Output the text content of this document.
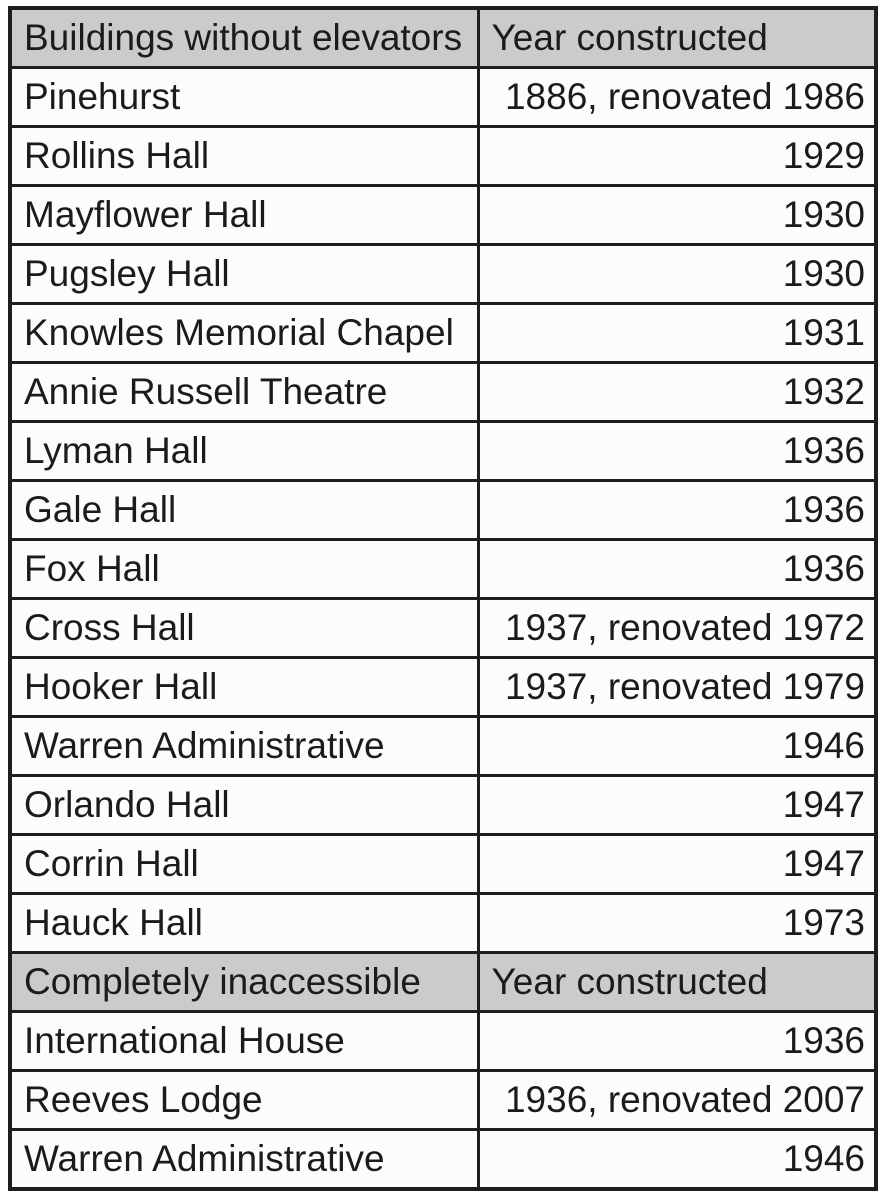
Buildings without elevators	Year constructed
Pinehurst	1886, renovated 1986
Rollins Hall	1929
Mayflower Hall	1930
Pugsley Hall	1930
Knowles Memorial Chapel	1931
Annie Russell Theatre	1932
Lyman Hall	1936
Gale Hall	1936
Fox Hall	1936
Cross Hall	1937, renovated 1972
Hooker Hall	1937, renovated 1979
Warren Administrative	1946
Orlando Hall	1947
Corrin Hall	1947
Hauck Hall	1973
Completely inaccessible	Year constructed
International House	1936
Reeves Lodge	1936, renovated 2007
Warren Administrative	1946
